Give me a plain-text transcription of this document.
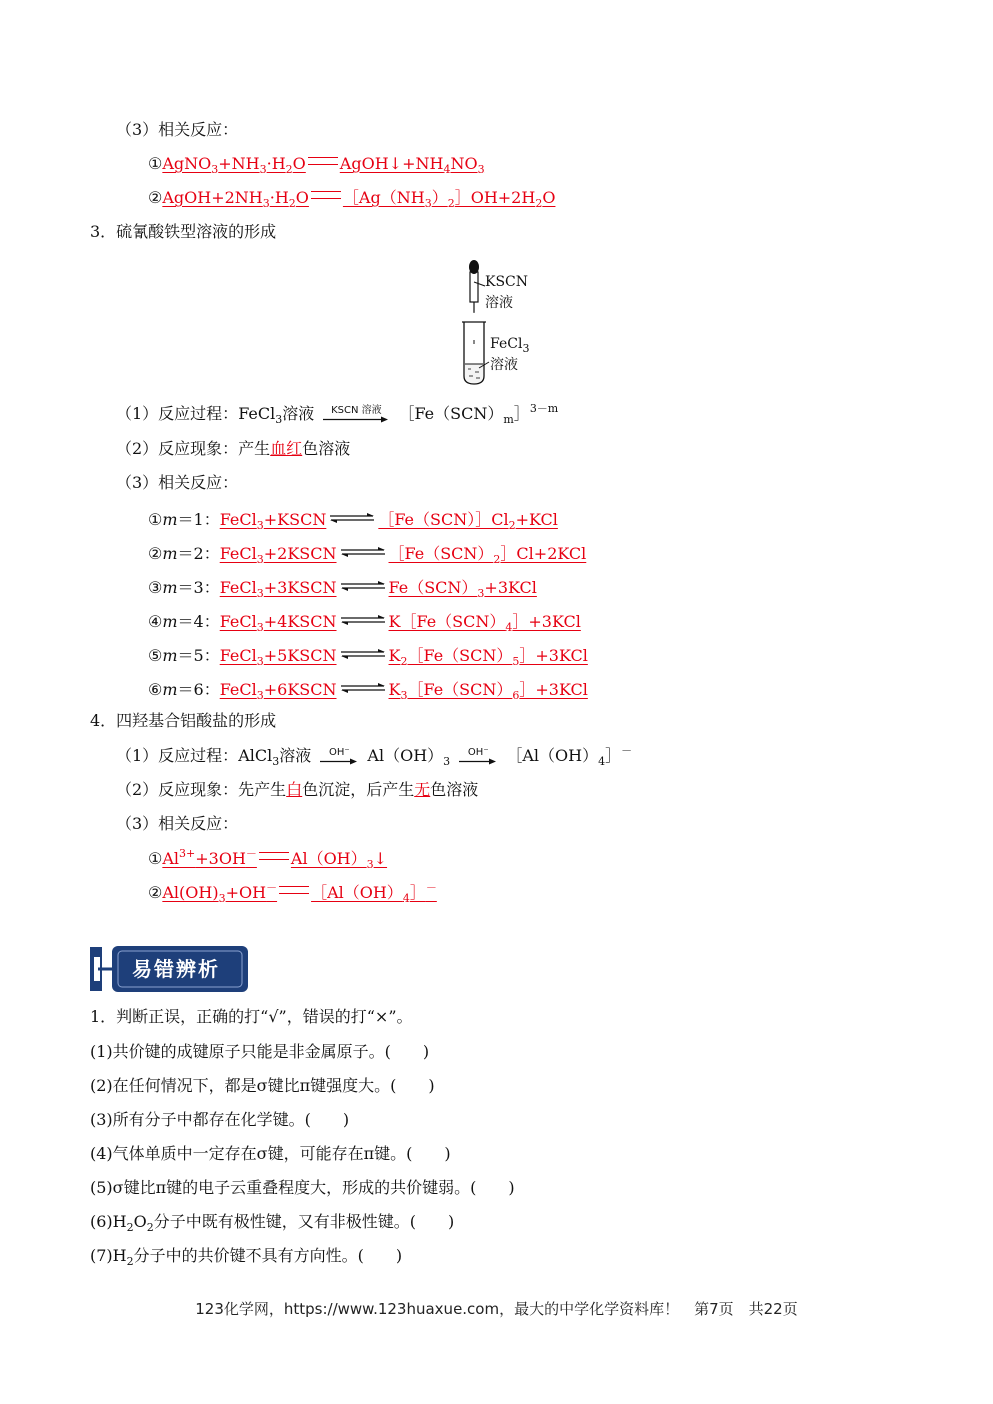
（3）相关反应：
$①AgNO_3+NH_3\cdot H_2O$ $AgOH↓+NH_4NO_3$
$②AgOH+2NH_3\cdot H_2O$ $[Ag(NH_3)_2]OH+2H_2O$
3．硫氰酸铁型溶液的形成
KSCN
溶液
FeCl$_3$
溶液
（1）反应过程：FeCl$_3$溶液 KSCN 溶液 $[Fe(SCN)_m]^{3-m}$
（2）反应现象：产生血红色溶液
（3）相关反应：
①m＝1：FeCl$_3$+KSCN ⇌ $[Fe(SCN)]Cl_2+KCl$
②m＝2：FeCl$_3$+2KSCN ⇌ $[Fe(SCN)_2]Cl+2KCl$
③m＝3：FeCl$_3$+3KSCN ⇌ $Fe(SCN)_3+3KCl$
④m＝4：FeCl$_3$+4KSCN ⇌ $K[Fe(SCN)_4]+3KCl$
⑤m＝5：FeCl$_3$+5KSCN ⇌ $K_2[Fe(SCN)_5]+3KCl$
⑥m＝6：FeCl$_3$+6KSCN ⇌ $K_3[Fe(SCN)_6]+3KCl$
4．四羟基合铝酸盐的形成
（1）反应过程：AlCl$_3$溶液 OH⁻ $Al(OH)_3$
OH⁻ $[Al(OH)_4]^-$
（2）反应现象：先产生白色沉淀，后产生无色溶液
（3）相关反应：
$①Al^{3+}+3OH^-$ $Al(OH)_3↓$
$②Al(OH)_3+OH^-$ $[Al(OH)_4]^-$
易错辨析
1．判断正误，正确的打“√”，错误的打“×”。
(1)共价键的成键原子只能是非金属原子。(　　)
(2)在任何情况下，都是σ键比π键强度大。(　　)
(3)所有分子中都存在化学键。(　　)
(4)气体单质中一定存在σ键，可能存在π键。(　　)
(5)σ键比π键的电子云重叠程度大，形成的共价键弱。(　　)
$(6)H_2O_2$分子中既有极性键，又有非极性键。(　　)
$(7)H_2$分子中的共价键不具有方向性。(　　)
123化学网，https://www.123huaxue.com，最大的中学化学资料库！　第7页　共22页
